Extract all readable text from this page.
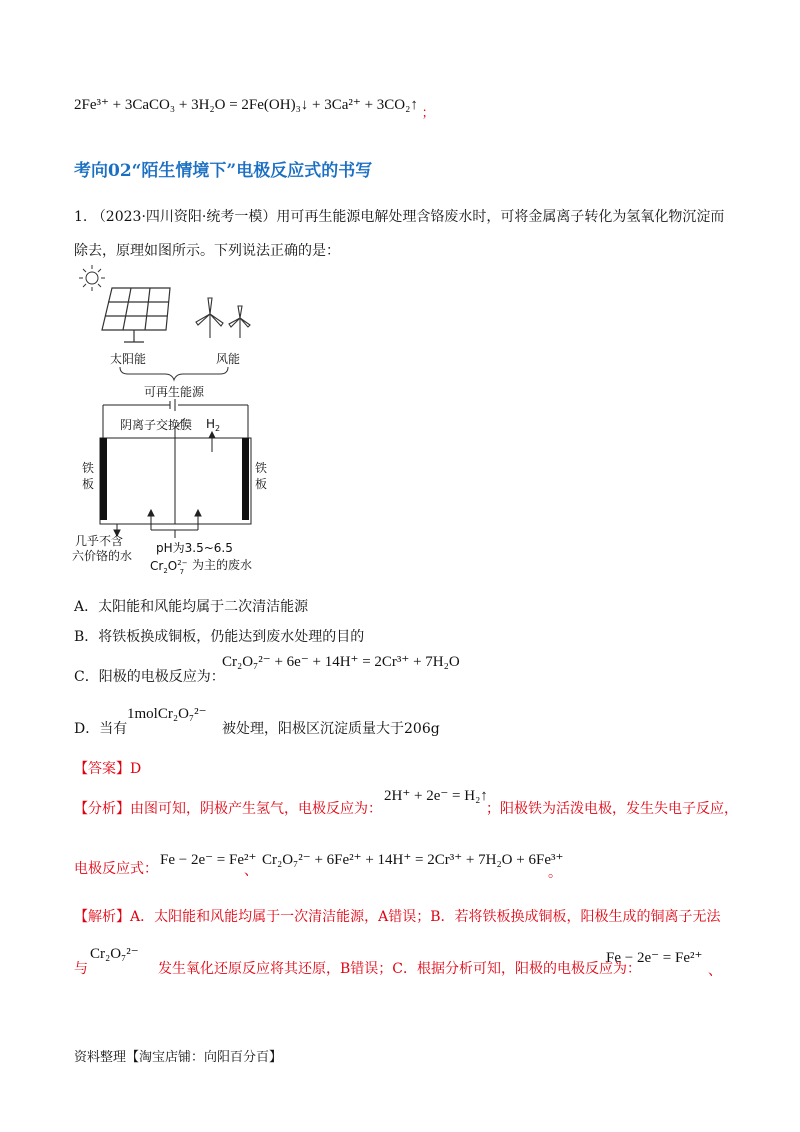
2Fe³⁺ + 3CaCO₃ + 3H₂O = 2Fe(OH)₃↓ + 3Ca²⁺ + 3CO₂↑ ；
考向02“陌生情境下”电极反应式的书写
1. （2023·四川资阳·统考一模）用可再生能源电解处理含铬废水时，可将金属离子转化为氢氧化物沉淀而
除去，原理如图所示。下列说法正确的是：
太阳能	风能
可再生能源
阴离子交换膜
铁
板
铁
板
$H_2$
几乎不含
六价铬的水
pH为3.5~6.5
$Cr_2O^{2-}$ 7 为主的废水
A．太阳能和风能均属于二次清洁能源
B．将铁板换成铜板，仍能达到废水处理的目的
C．阳极的电极反应为：
Cr₂O₇²⁻ + 6e⁻ + 14H⁺ = 2Cr³⁺ + 7H₂O
D．当有
1molCr₂O₇²⁻
被处理，阳极区沉淀质量大于206g
【答案】D
【分析】由图可知，阴极产生氢气，电极反应为：
2H⁺ + 2e⁻ = H₂↑
；阳极铁为活泼电极，发生失电子反应，
电极反应式：
Fe − 2e⁻ = Fe²⁺
、
Cr₂O₇²⁻ + 6Fe²⁺ + 14H⁺ = 2Cr³⁺ + 7H₂O + 6Fe³⁺
。
【解析】A．太阳能和风能均属于一次清洁能源，A错误；B．若将铁板换成铜板，阳极生成的铜离子无法
与
Cr₂O₇²⁻
发生氧化还原反应将其还原，B错误；C．根据分析可知，阳极的电极反应为：
Fe − 2e⁻ = Fe²⁺
、
资料整理【淘宝店铺：向阳百分百】
